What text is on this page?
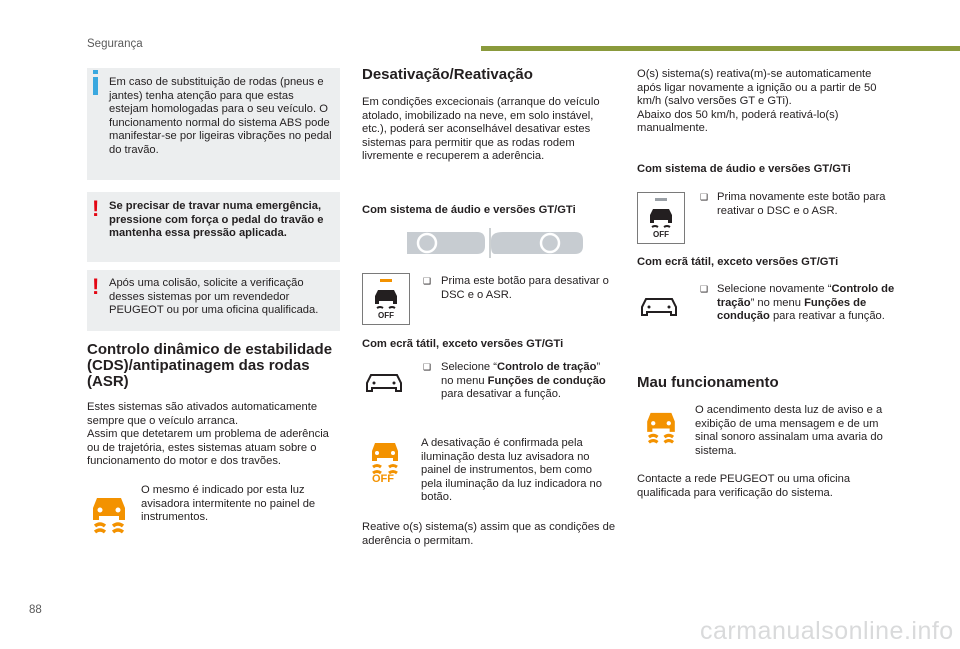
Segurança
Em caso de substituição de rodas (pneus e jantes) tenha atenção para que estas estejam homologadas para o seu veículo. O funcionamento normal do sistema ABS pode manifestar-se por ligeiras vibrações no pedal do travão.
! Se precisar de travar numa emergência, pressione com força o pedal do travão e mantenha essa pressão aplicada.
! Após uma colisão, solicite a verificação desses sistemas por um revendedor PEUGEOT ou por uma oficina qualificada.
Controlo dinâmico de estabilidade (CDS)/antipatinagem das rodas (ASR)
Estes sistemas são ativados automaticamente sempre que o veículo arranca.
Assim que detetarem um problema de aderência ou de trajetória, estes sistemas atuam sobre o funcionamento do motor e dos travões.
O mesmo é indicado por esta luz avisadora intermitente no painel de instrumentos.
Desativação/Reativação
Em condições excecionais (arranque do veículo atolado, imobilizado na neve, em solo instável, etc.), poderá ser aconselhável desativar estes sistemas para permitir que as rodas rodem livremente e recuperem a aderência.
Com sistema de áudio e versões GT/GTi
OFF
❑ Prima este botão para desativar o DSC e o ASR.
Com ecrã tátil, exceto versões GT/GTi
❑ Selecione “Controlo de tração” no menu Funções de condução para desativar a função.
OFF
A desativação é confirmada pela iluminação desta luz avisadora no painel de instrumentos, bem como pela iluminação da luz indicadora no botão.
Reative o(s) sistema(s) assim que as condições de aderência o permitam.
O(s) sistema(s) reativa(m)-se automaticamente após ligar novamente a ignição ou a partir de 50 km/h (salvo versões GT e GTi).
Abaixo dos 50 km/h, poderá reativá-lo(s) manualmente.
Com sistema de áudio e versões GT/GTi
OFF
❑ Prima novamente este botão para reativar o DSC e o ASR.
Com ecrã tátil, exceto versões GT/GTi
❑ Selecione novamente “Controlo de tração” no menu Funções de condução para reativar a função.
Mau funcionamento
O acendimento desta luz de aviso e a exibição de uma mensagem e de um sinal sonoro assinalam uma avaria do sistema.
Contacte a rede PEUGEOT ou uma oficina qualificada para verificação do sistema.
88
carmanualsonline.info
